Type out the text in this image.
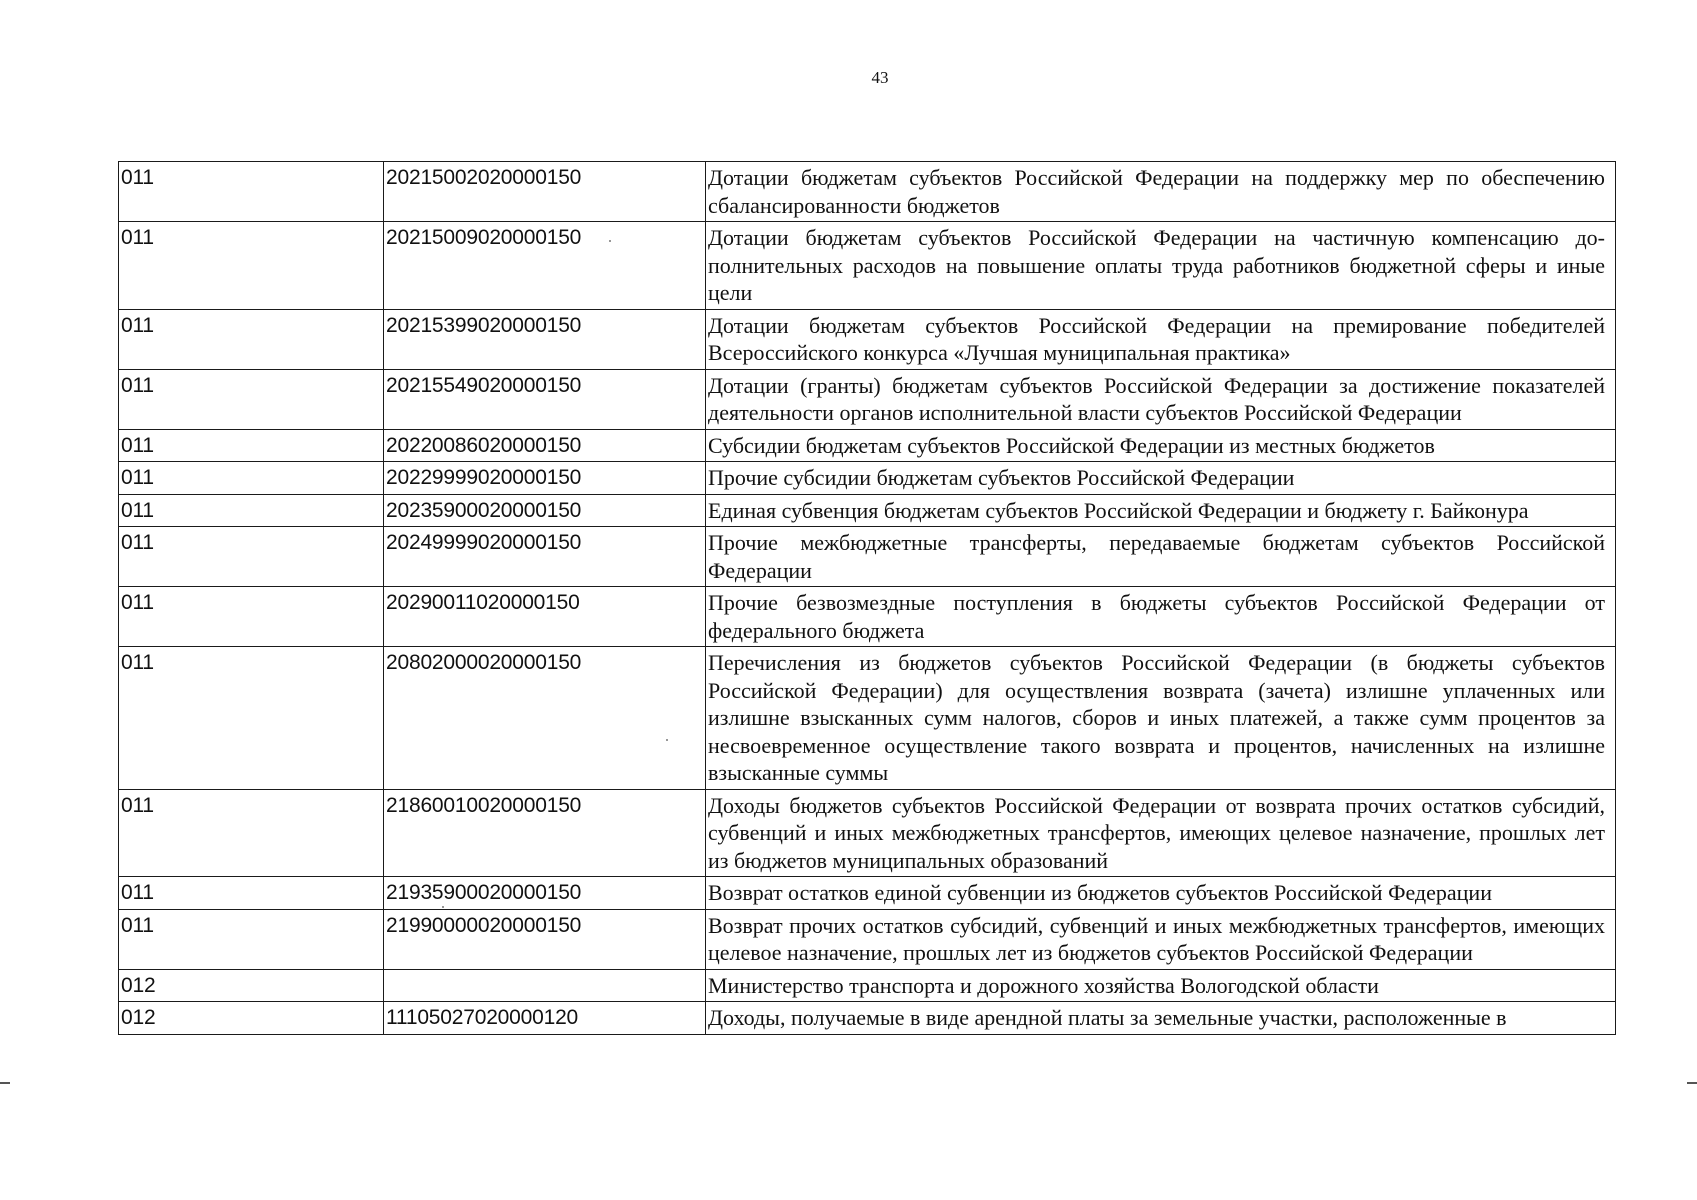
43
011	20215002020000150	Дотации бюджетам субъектов Российской Федерации на поддержку мер по обеспечению сбалансированности бюджетов
011	20215009020000150	Дотации бюджетам субъектов Российской Федерации на частичную компенсацию дополнительных расходов на повышение оплаты труда работников бюджетной сферы и иные цели
011	20215399020000150	Дотации бюджетам субъектов Российской Федерации на премирование победителей Всероссийского конкурса «Лучшая муниципальная практика»
011	20215549020000150	Дотации (гранты) бюджетам субъектов Российской Федерации за достижение показателей деятельности органов исполнительной власти субъектов Российской Федерации
011	20220086020000150	Субсидии бюджетам субъектов Российской Федерации из местных бюджетов
011	20229999020000150	Прочие субсидии бюджетам субъектов Российской Федерации
011	20235900020000150	Единая субвенция бюджетам субъектов Российской Федерации и бюджету г. Байконура
011	20249999020000150	Прочие межбюджетные трансферты, передаваемые бюджетам субъектов Российской Федерации
011	20290011020000150	Прочие безвозмездные поступления в бюджеты субъектов Российской Федерации от федерального бюджета
011	20802000020000150	Перечисления из бюджетов субъектов Российской Федерации (в бюджеты субъектов Российской Федерации) для осуществления возврата (зачета) излишне уплаченных или излишне взысканных сумм налогов, сборов и иных платежей, а также сумм процентов за несвоевременное осуществление такого возврата и процентов, начисленных на излишне взысканные суммы
011	21860010020000150	Доходы бюджетов субъектов Российской Федерации от возврата прочих остатков субсидий, субвенций и иных межбюджетных трансфертов, имеющих целевое назначение, прошлых лет из бюджетов муниципальных образований
011	21935900020000150	Возврат остатков единой субвенции из бюджетов субъектов Российской Федерации
011	21990000020000150	Возврат прочих остатков субсидий, субвенций и иных межбюджетных трансфертов, имеющих целевое назначение, прошлых лет из бюджетов субъектов Российской Федерации
012		Министерство транспорта и дорожного хозяйства Вологодской области
012	11105027020000120	Доходы, получаемые в виде арендной платы за земельные участки, расположенные в
